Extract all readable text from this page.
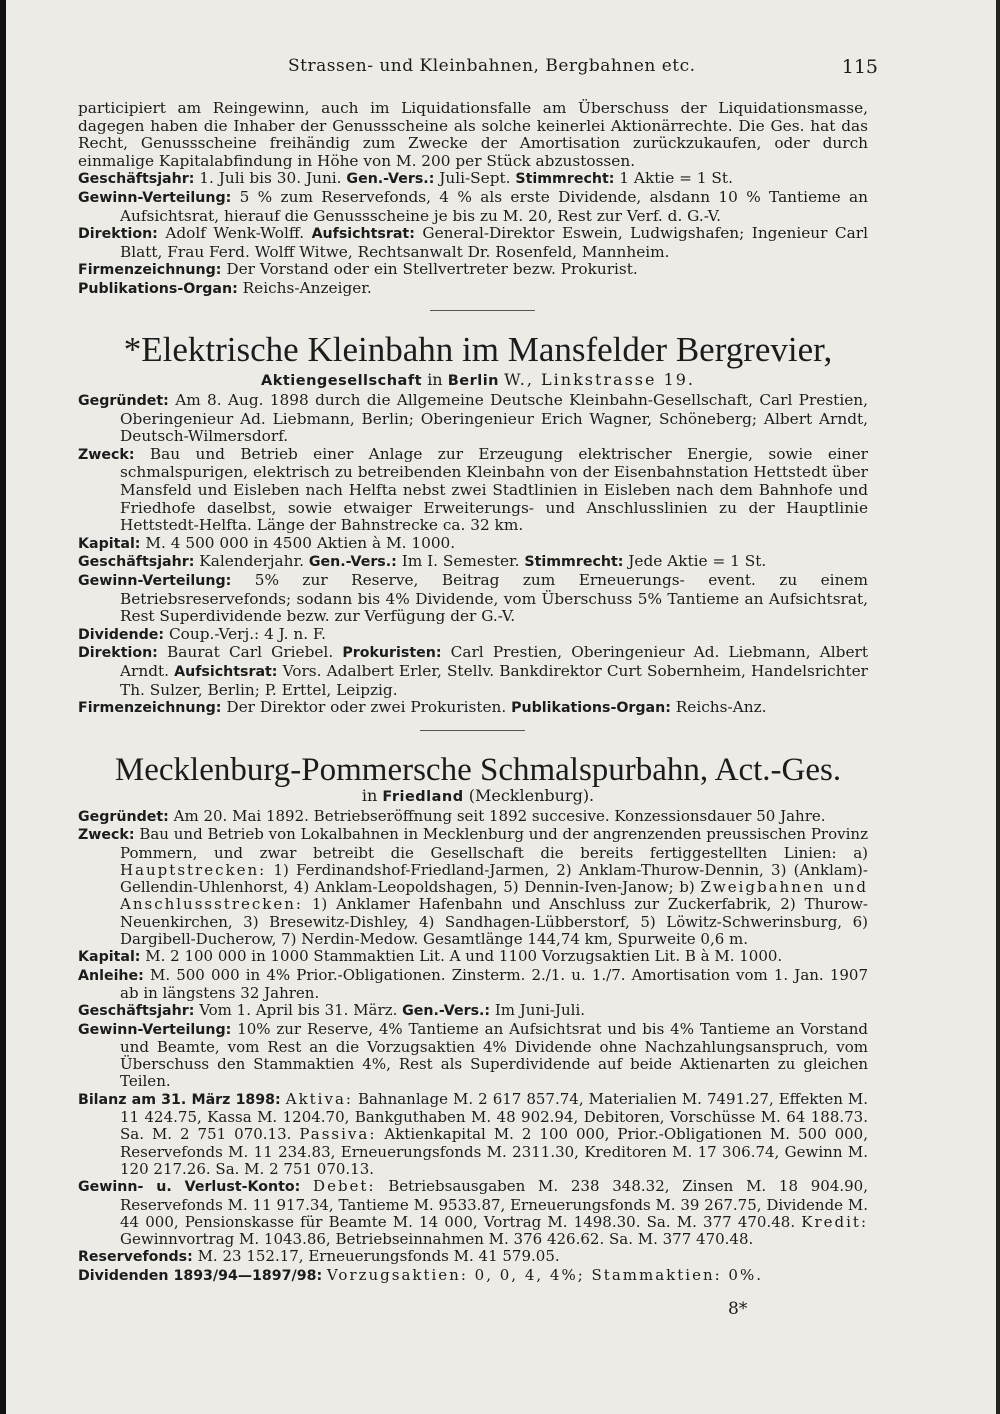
Strassen- und Kleinbahnen, Bergbahnen etc.	115

participiert am Reingewinn, auch im Liquidationsfalle am Überschuss der Liquidationsmasse, dagegen haben die Inhaber der Genussscheine als solche keinerlei Aktionärrechte. Die Ges. hat das Recht, Genussscheine freihändig zum Zwecke der Amortisation zurückzukaufen, oder durch einmalige Kapitalabfindung in Höhe von M. 200 per Stück abzustossen.

Geschäftsjahr: 1. Juli bis 30. Juni. Gen.-Vers.: Juli-Sept. Stimmrecht: 1 Aktie = 1 St.

Gewinn-Verteilung: 5 % zum Reservefonds, 4 % als erste Dividende, alsdann 10 % Tantieme an Aufsichtsrat, hierauf die Genussscheine je bis zu M. 20, Rest zur Verf. d. G.-V.

Direktion: Adolf Wenk-Wolff. Aufsichtsrat: General-Direktor Eswein, Ludwigshafen; Ingenieur Carl Blatt, Frau Ferd. Wolff Witwe, Rechtsanwalt Dr. Rosenfeld, Mannheim.

Firmenzeichnung: Der Vorstand oder ein Stellvertreter bezw. Prokurist.

Publikations-Organ: Reichs-Anzeiger.

*Elektrische Kleinbahn im Mansfelder Bergrevier,
Aktiengesellschaft in Berlin W., Linkstrasse 19.

Gegründet: Am 8. Aug. 1898 durch die Allgemeine Deutsche Kleinbahn-Gesellschaft, Carl Prestien, Oberingenieur Ad. Liebmann, Berlin; Oberingenieur Erich Wagner, Schöneberg; Albert Arndt, Deutsch-Wilmersdorf.

Zweck: Bau und Betrieb einer Anlage zur Erzeugung elektrischer Energie, sowie einer schmalspurigen, elektrisch zu betreibenden Kleinbahn von der Eisenbahnstation Hettstedt über Mansfeld und Eisleben nach Helfta nebst zwei Stadtlinien in Eisleben nach dem Bahnhofe und Friedhofe daselbst, sowie etwaiger Erweiterungs- und Anschlusslinien zu der Hauptlinie Hettstedt-Helfta. Länge der Bahnstrecke ca. 32 km.

Kapital: M. 4 500 000 in 4500 Aktien à M. 1000.

Geschäftsjahr: Kalenderjahr. Gen.-Vers.: Im I. Semester. Stimmrecht: Jede Aktie = 1 St.

Gewinn-Verteilung: 5% zur Reserve, Beitrag zum Erneuerungs- event. zu einem Betriebsreservefonds; sodann bis 4% Dividende, vom Überschuss 5% Tantieme an Aufsichtsrat, Rest Superdividende bezw. zur Verfügung der G.-V.

Dividende: Coup.-Verj.: 4 J. n. F.

Direktion: Baurat Carl Griebel. Prokuristen: Carl Prestien, Oberingenieur Ad. Liebmann, Albert Arndt. Aufsichtsrat: Vors. Adalbert Erler, Stellv. Bankdirektor Curt Sobernheim, Handelsrichter Th. Sulzer, Berlin; P. Erttel, Leipzig.

Firmenzeichnung: Der Direktor oder zwei Prokuristen. Publikations-Organ: Reichs-Anz.

Mecklenburg-Pommersche Schmalspurbahn, Act.-Ges.
in Friedland (Mecklenburg).

Gegründet: Am 20. Mai 1892. Betriebseröffnung seit 1892 succesive. Konzessionsdauer 50 Jahre.

Zweck: Bau und Betrieb von Lokalbahnen in Mecklenburg und der angrenzenden preussischen Provinz Pommern, und zwar betreibt die Gesellschaft die bereits fertiggestellten Linien: a) Hauptstrecken: 1) Ferdinandshof-Friedland-Jarmen, 2) Anklam-Thurow-Dennin, 3) (Anklam)-Gellendin-Uhlenhorst, 4) Anklam-Leopoldshagen, 5) Dennin-Iven-Janow; b) Zweigbahnen und Anschlussstrecken: 1) Anklamer Hafenbahn und Anschluss zur Zuckerfabrik, 2) Thurow-Neuenkirchen, 3) Bresewitz-Dishley, 4) Sandhagen-Lübberstorf, 5) Löwitz-Schwerinsburg, 6) Dargibell-Ducherow, 7) Nerdin-Medow. Gesamtlänge 144,74 km, Spurweite 0,6 m.

Kapital: M. 2 100 000 in 1000 Stammaktien Lit. A und 1100 Vorzugsaktien Lit. B à M. 1000.

Anleihe: M. 500 000 in 4% Prior.-Obligationen. Zinsterm. 2./1. u. 1./7. Amortisation vom 1. Jan. 1907 ab in längstens 32 Jahren.

Geschäftsjahr: Vom 1. April bis 31. März. Gen.-Vers.: Im Juni-Juli.

Gewinn-Verteilung: 10% zur Reserve, 4% Tantieme an Aufsichtsrat und bis 4% Tantieme an Vorstand und Beamte, vom Rest an die Vorzugsaktien 4% Dividende ohne Nachzahlungsanspruch, vom Überschuss den Stammaktien 4%, Rest als Superdividende auf beide Aktienarten zu gleichen Teilen.

Bilanz am 31. März 1898: Aktiva: Bahnanlage M. 2 617 857.74, Materialien M. 7491.27, Effekten M. 11 424.75, Kassa M. 1204.70, Bankguthaben M. 48 902.94, Debitoren, Vorschüsse M. 64 188.73. Sa. M. 2 751 070.13. Passiva: Aktienkapital M. 2 100 000, Prior.-Obligationen M. 500 000, Reservefonds M. 11 234.83, Erneuerungsfonds M. 2311.30, Kreditoren M. 17 306.74, Gewinn M. 120 217.26. Sa. M. 2 751 070.13.

Gewinn- u. Verlust-Konto: Debet: Betriebsausgaben M. 238 348.32, Zinsen M. 18 904.90, Reservefonds M. 11 917.34, Tantieme M. 9533.87, Erneuerungsfonds M. 39 267.75, Dividende M. 44 000, Pensionskasse für Beamte M. 14 000, Vortrag M. 1498.30. Sa. M. 377 470.48. Kredit: Gewinnvortrag M. 1043.86, Betriebseinnahmen M. 376 426.62. Sa. M. 377 470.48.

Reservefonds: M. 23 152.17, Erneuerungsfonds M. 41 579.05.

Dividenden 1893/94—1897/98: Vorzugsaktien: 0, 0, 4, 4%; Stammaktien: 0%.

8*
